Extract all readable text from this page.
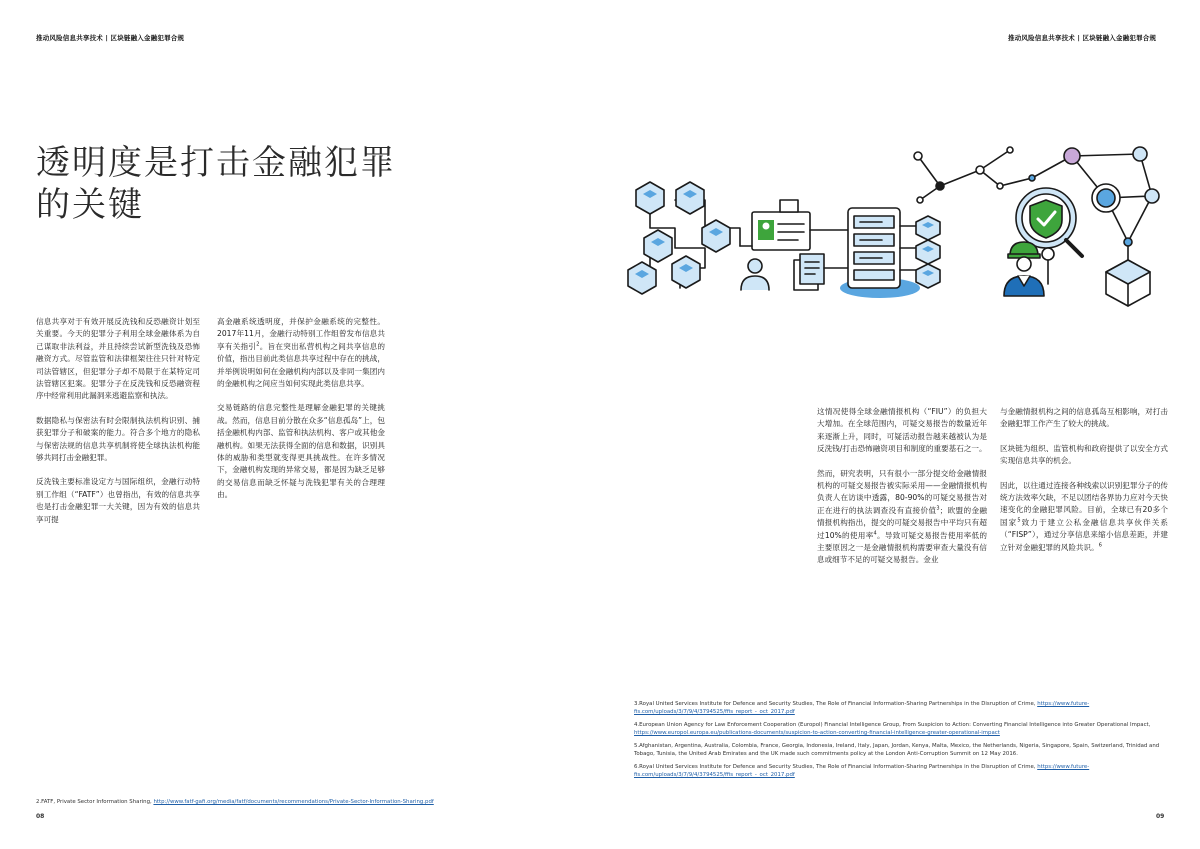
推动风险信息共享技术 | 区块链融入金融犯罪合规
透明度是打击金融犯罪
的关键

信息共享对于有效开展反洗钱和反恐融资计划至关重要。今天的犯罪分子利用全球金融体系为自己谋取非法利益，并且持续尝试新型洗钱及恐怖融资方式。尽管监管和法律框架往往只针对特定司法管辖区，但犯罪分子却不局限于在某特定司法管辖区犯案。犯罪分子在反洗钱和反恐融资程序中经常利用此漏洞来逃避监察和执法。

数据隐私与保密法有时会限制执法机构识别、捕获犯罪分子和破案的能力。符合多个地方的隐私与保密法规的信息共享机制将使全球执法机构能够共同打击金融犯罪。

反洗钱主要标准设定方与国际组织，金融行动特别工作组（“FATF”）也曾指出，有效的信息共享也是打击金融犯罪一大关键，因为有效的信息共享可提

高金融系统透明度，并保护金融系统的完整性。2017年11月，金融行动特别工作组曾发布信息共享有关指引$^2$。旨在突出私营机构之间共享信息的价值，指出目前此类信息共享过程中存在的挑战，并举例说明如何在金融机构内部以及非同一集团内的金融机构之间应当如何实现此类信息共享。

交易链路的信息完整性是理解金融犯罪的关键挑战。然而，信息目前分散在众多“信息孤岛”上，包括金融机构内部、监管和执法机构、客户或其他金融机构。如果无法获得全面的信息和数据，识别具体的威胁和类型就变得更具挑战性。在许多情况下，金融机构发现的异常交易，都是因为缺乏足够的交易信息而缺乏怀疑与洗钱犯罪有关的合理理由。

2.FATF, Private Sector Information Sharing, http://www.fatf-gafi.org/media/fatf/documents/recommendations/Private-Sector-Information-Sharing.pdf
08
推动风险信息共享技术 | 区块链融入金融犯罪合规
09

这情况使得全球金融情报机构（“FIU”）的负担大大增加。在全球范围内，可疑交易报告的数量近年来逐渐上升，同时，可疑活动报告越来越被认为是反洗钱/打击恐怖融资项目和制度的重要基石之一。

然而，研究表明，只有很小一部分提交给金融情报机构的可疑交易报告被实际采用——金融情报机构负责人在访谈中透露，80-90%的可疑交易报告对正在进行的执法调查没有直接价值$^3$；欧盟的金融情报机构指出，提交的可疑交易报告中平均只有超过10%的使用率$^4$。导致可疑交易报告使用率低的主要原因之一是金融情报机构需要审查大量没有信息或细节不足的可疑交易报告。金业

与金融情报机构之间的信息孤岛互相影响，对打击金融犯罪工作产生了较大的挑战。

区块链为组织、监管机构和政府提供了以安全方式实现信息共享的机会。

因此，以往通过连接各种线索以识别犯罪分子的传统方法效率欠缺，不足以团结各界协力应对今天快速变化的金融犯罪风险。目前，全球已有20多个国家$^5$致力于建立公私金融信息共享伙伴关系（“FISP”），通过分享信息来缩小信息差距，并建立针对金融犯罪的风险共识。$^6$

3.Royal United Services Institute for Defence and Security Studies, The Role of Financial Information-Sharing Partnerships in the Disruption of Crime, https://www.future-fis.com/uploads/3/7/9/4/3794525/ffis_report_-_oct_2017.pdf

4.European Union Agency for Law Enforcement Cooperation (Europol) Financial Intelligence Group, From Suspicion to Action: Converting Financial Intelligence into Greater Operational Impact, https://www.europol.europa.eu/publications-documents/suspicion-to-action-converting-financial-intelligence-greater-operational-impact

5.Afghanistan, Argentina, Australia, Colombia, France, Georgia, Indonesia, Ireland, Italy, Japan, Jordan, Kenya, Malta, Mexico, the Netherlands, Nigeria, Singapore, Spain, Switzerland, Trinidad and Tobago, Tunisia, the United Arab Emirates and the UK made such commitments policy at the London Anti-Corruption Summit on 12 May 2016.

6.Royal United Services Institute for Defence and Security Studies, The Role of Financial Information-Sharing Partnerships in the Disruption of Crime, https://www.future-fis.com/uploads/3/7/9/4/3794525/ffis_report_-_oct_2017.pdf
